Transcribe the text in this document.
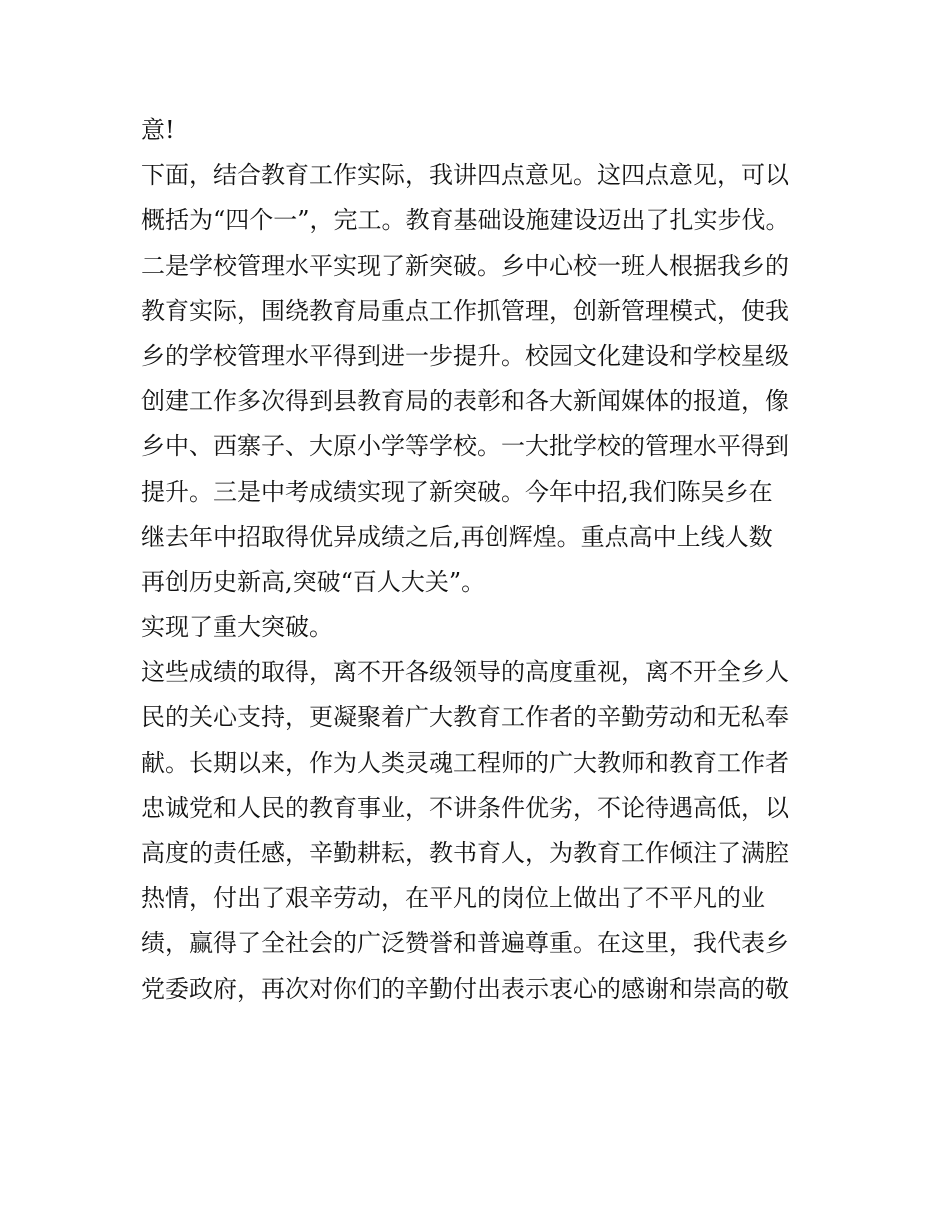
意!
下面，结合教育工作实际，我讲四点意见。这四点意见，可以
概括为“四个一”，完工。教育基础设施建设迈出了扎实步伐。
二是学校管理水平实现了新突破。乡中心校一班人根据我乡的
教育实际，围绕教育局重点工作抓管理，创新管理模式，使我
乡的学校管理水平得到进一步提升。校园文化建设和学校星级
创建工作多次得到县教育局的表彰和各大新闻媒体的报道，像
乡中、西寨子、大原小学等学校。一大批学校的管理水平得到
提升。三是中考成绩实现了新突破。今年中招,我们陈吴乡在
继去年中招取得优异成绩之后,再创辉煌。重点高中上线人数
再创历史新高,突破“百人大关”。
实现了重大突破。
这些成绩的取得，离不开各级领导的高度重视，离不开全乡人
民的关心支持，更凝聚着广大教育工作者的辛勤劳动和无私奉
献。长期以来，作为人类灵魂工程师的广大教师和教育工作者
忠诚党和人民的教育事业，不讲条件优劣，不论待遇高低，以
高度的责任感，辛勤耕耘，教书育人，为教育工作倾注了满腔
热情，付出了艰辛劳动，在平凡的岗位上做出了不平凡的业
绩，赢得了全社会的广泛赞誉和普遍尊重。在这里，我代表乡
党委政府，再次对你们的辛勤付出表示衷心的感谢和崇高的敬
